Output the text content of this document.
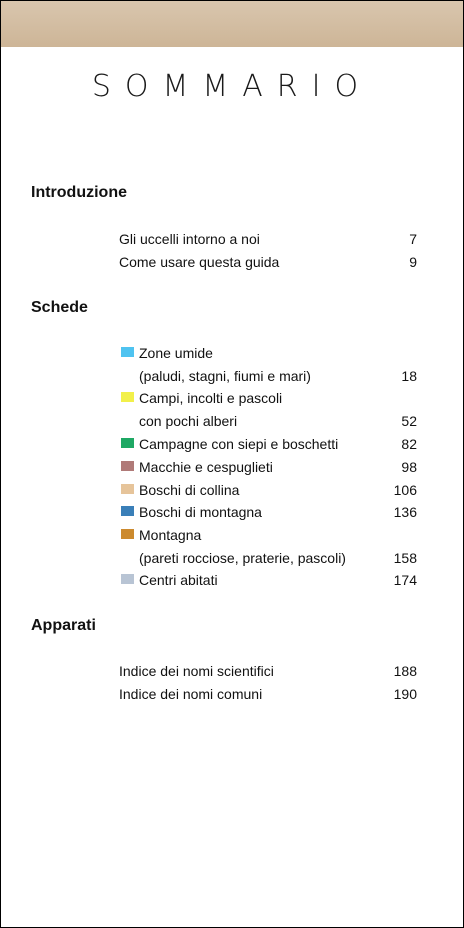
SOMMARIO
Introduzione
Gli uccelli intorno a noi	7
Come usare questa guida	9
Schede
Zone umide
(paludi, stagni, fiumi e mari)	18
Campi, incolti e pascoli
con pochi alberi	52
Campagne con siepi e boschetti	82
Macchie e cespuglieti	98
Boschi di collina	106
Boschi di montagna	136
Montagna
(pareti rocciose, praterie, pascoli)	158
Centri abitati	174
Apparati
Indice dei nomi scientifici	188
Indice dei nomi comuni	190
